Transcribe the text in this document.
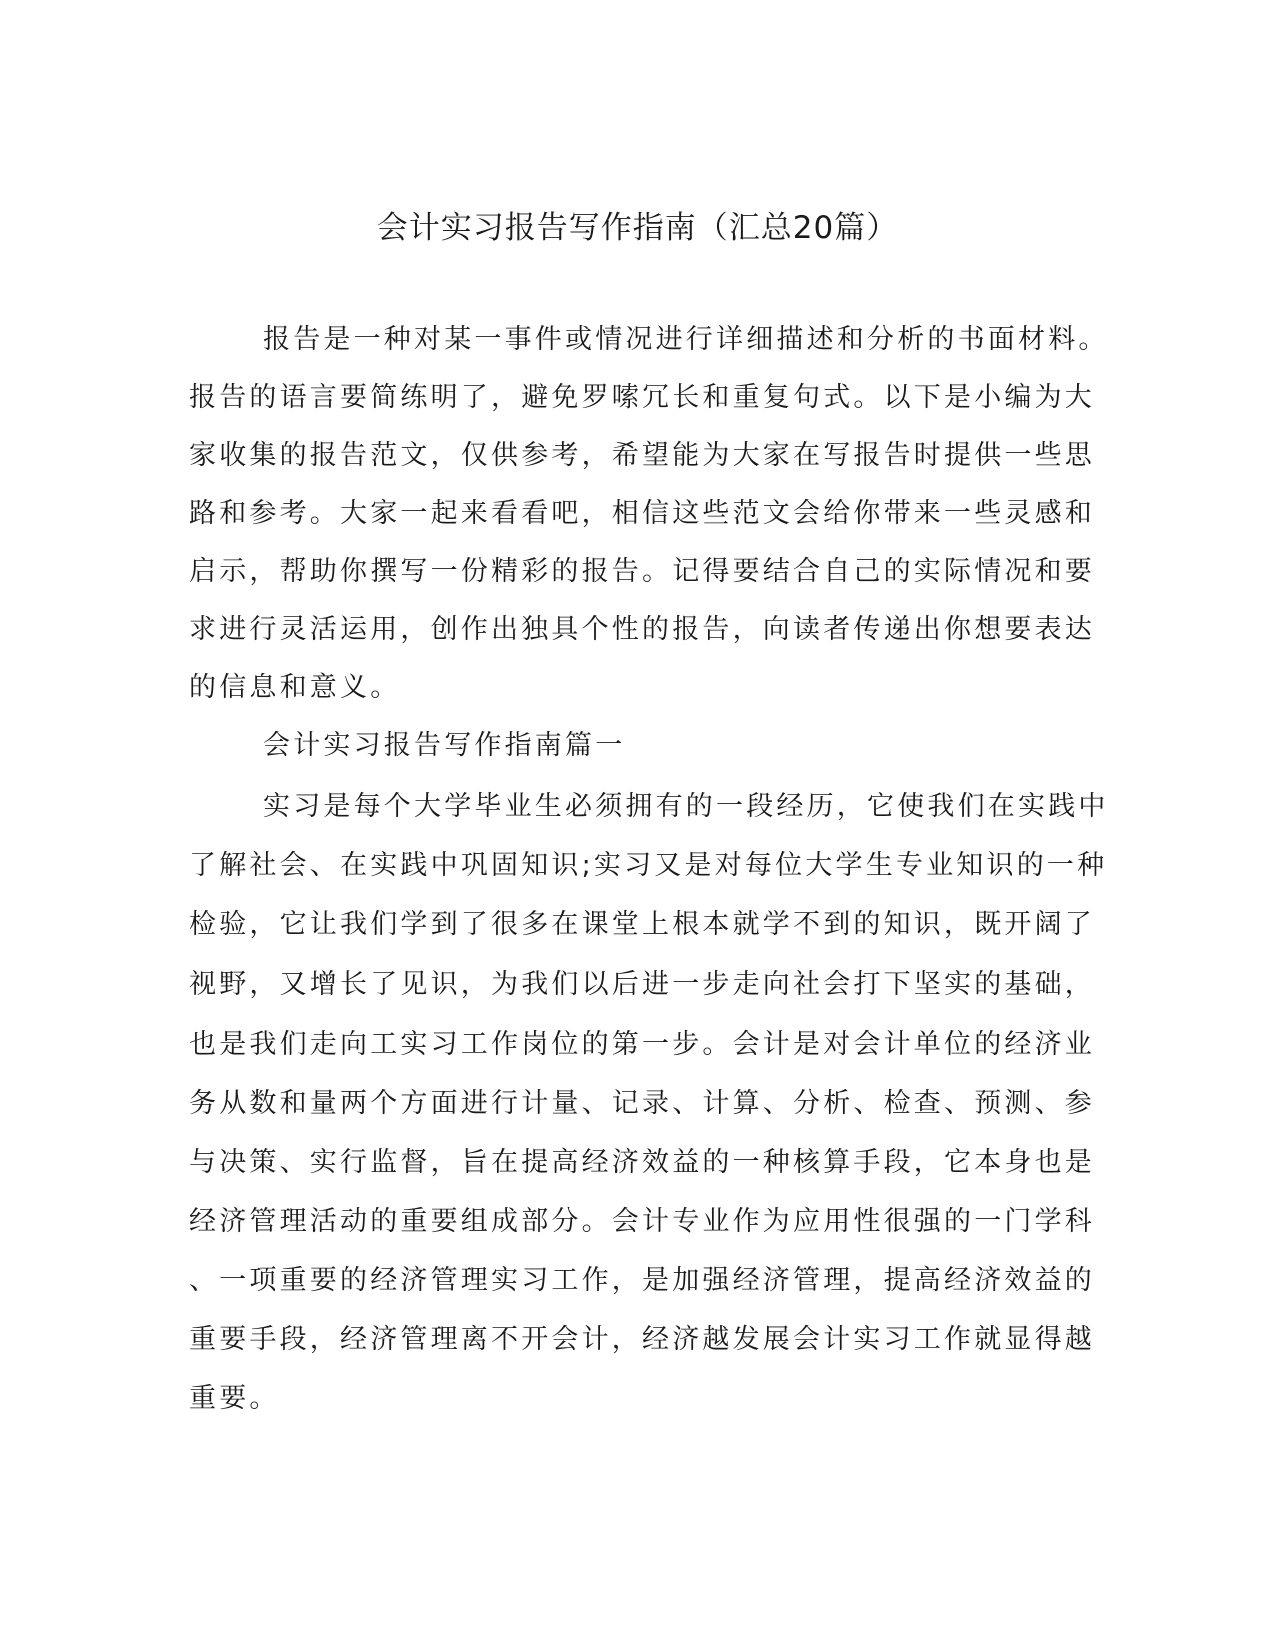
会计实习报告写作指南（汇总20篇）

报告是一种对某一事件或情况进行详细描述和分析的书面材料。

报告的语言要简练明了，避免罗嗦冗长和重复句式。以下是小编为大

家收集的报告范文，仅供参考，希望能为大家在写报告时提供一些思

路和参考。大家一起来看看吧，相信这些范文会给你带来一些灵感和

启示，帮助你撰写一份精彩的报告。记得要结合自己的实际情况和要

求进行灵活运用，创作出独具个性的报告，向读者传递出你想要表达

的信息和意义。

会计实习报告写作指南篇一

实习是每个大学毕业生必须拥有的一段经历，它使我们在实践中

了解社会、在实践中巩固知识;实习又是对每位大学生专业知识的一种

检验，它让我们学到了很多在课堂上根本就学不到的知识，既开阔了

视野，又增长了见识，为我们以后进一步走向社会打下坚实的基础，

也是我们走向工实习工作岗位的第一步。会计是对会计单位的经济业

务从数和量两个方面进行计量、记录、计算、分析、检查、预测、参

与决策、实行监督，旨在提高经济效益的一种核算手段，它本身也是

经济管理活动的重要组成部分。会计专业作为应用性很强的一门学科

、一项重要的经济管理实习工作，是加强经济管理，提高经济效益的

重要手段，经济管理离不开会计，经济越发展会计实习工作就显得越

重要。
